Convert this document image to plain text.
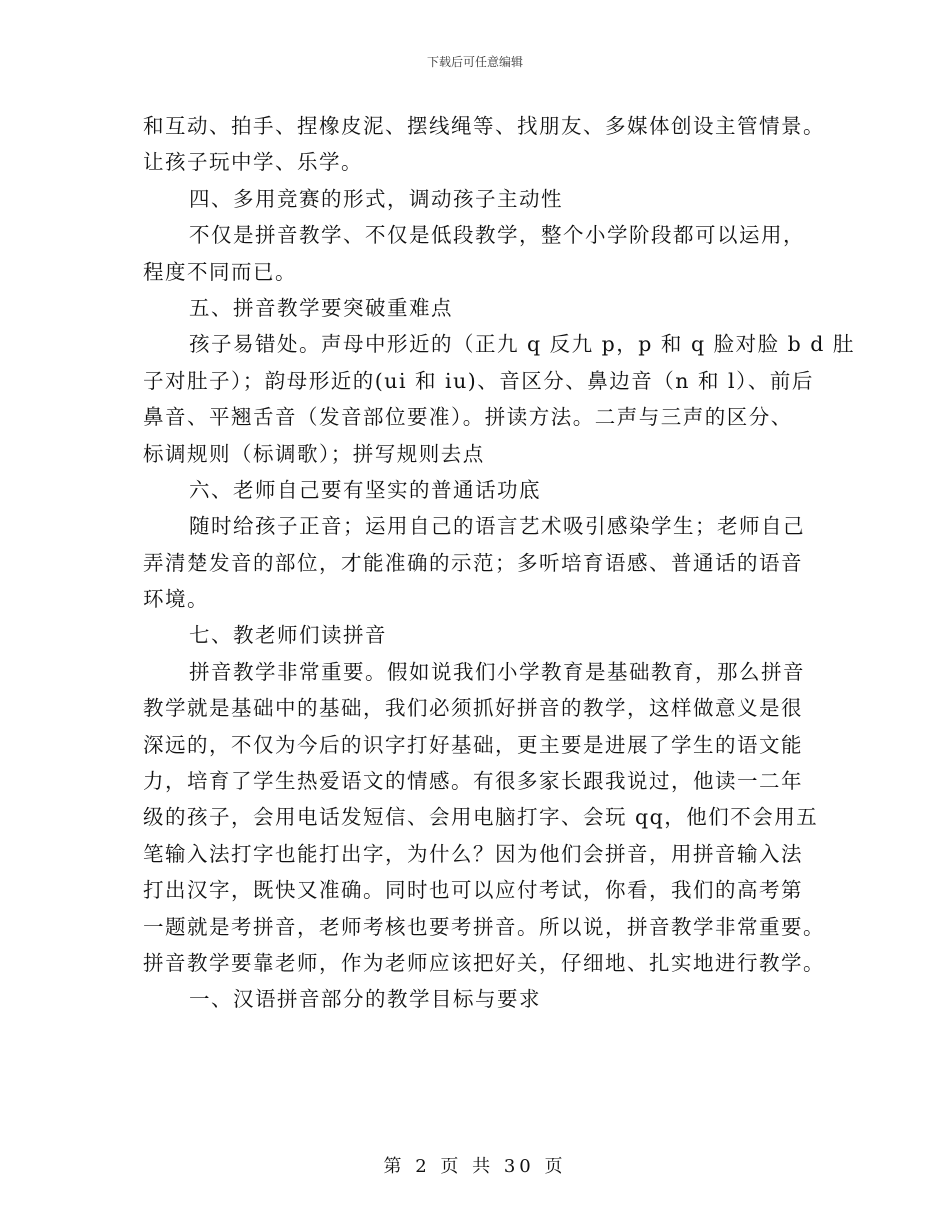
下载后可任意编辑
和互动、拍手、捏橡皮泥、摆线绳等、找朋友、多媒体创设主管情景。
让孩子玩中学、乐学。
四、多用竞赛的形式，调动孩子主动性
不仅是拼音教学、不仅是低段教学，整个小学阶段都可以运用，
程度不同而已。
五、拼音教学要突破重难点
孩子易错处。声母中形近的（正九 q 反九 p，p 和 q 脸对脸 b d 肚
子对肚子）；韵母形近的(ui 和 iu)、音区分、鼻边音（n 和 l）、前后
鼻音、平翘舌音（发音部位要准）。拼读方法。二声与三声的区分、
标调规则（标调歌）；拼写规则去点
六、老师自己要有坚实的普通话功底
随时给孩子正音；运用自己的语言艺术吸引感染学生；老师自己
弄清楚发音的部位，才能准确的示范；多听培育语感、普通话的语音
环境。
七、教老师们读拼音
拼音教学非常重要。假如说我们小学教育是基础教育，那么拼音
教学就是基础中的基础，我们必须抓好拼音的教学，这样做意义是很
深远的，不仅为今后的识字打好基础，更主要是进展了学生的语文能
力，培育了学生热爱语文的情感。有很多家长跟我说过，他读一二年
级的孩子，会用电话发短信、会用电脑打字、会玩 qq，他们不会用五
笔输入法打字也能打出字，为什么？因为他们会拼音，用拼音输入法
打出汉字，既快又准确。同时也可以应付考试，你看，我们的高考第
一题就是考拼音，老师考核也要考拼音。所以说，拼音教学非常重要。
拼音教学要靠老师，作为老师应该把好关，仔细地、扎实地进行教学。
一、汉语拼音部分的教学目标与要求
第 2 页 共 30 页
